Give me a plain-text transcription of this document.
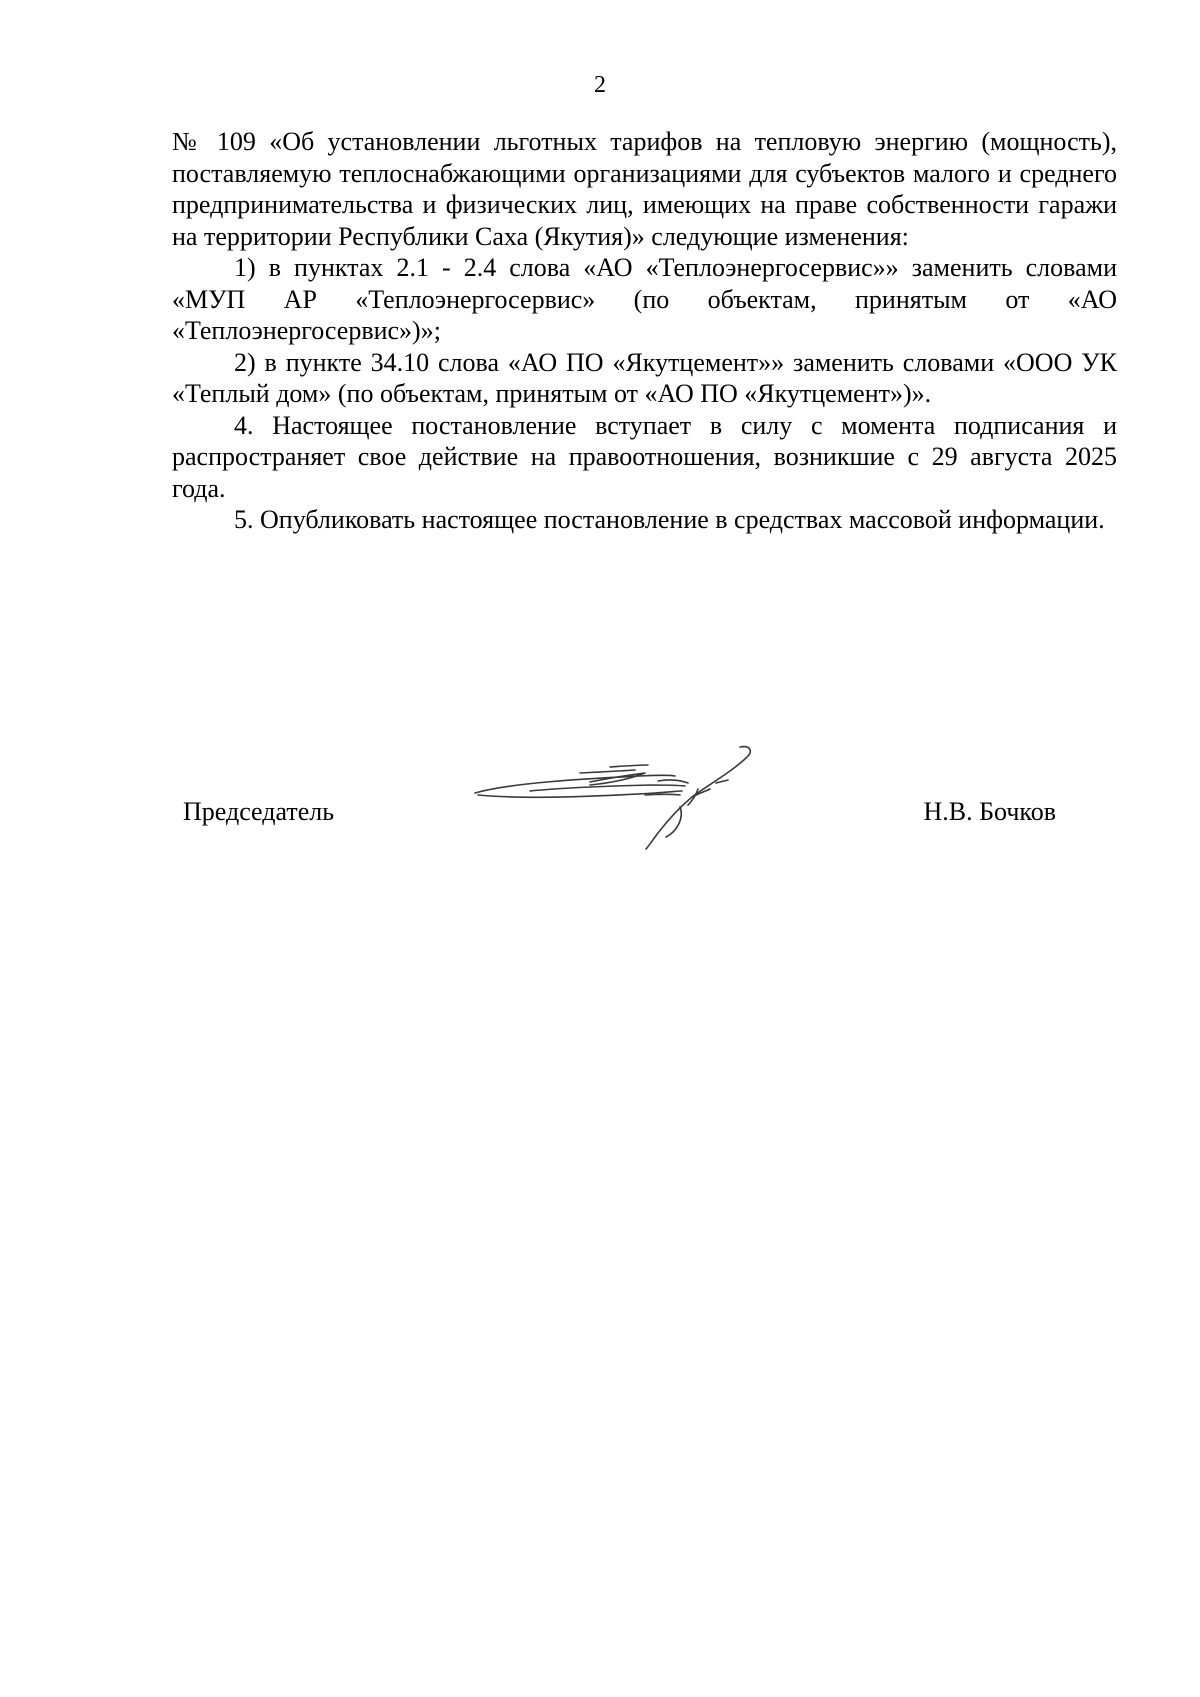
2

№ 109 «Об установлении льготных тарифов на тепловую энергию (мощность), поставляемую теплоснабжающими организациями для субъектов малого и среднего предпринимательства и физических лиц, имеющих на праве собственности гаражи на территории Республики Саха (Якутия)» следующие изменения:

1) в пунктах 2.1 - 2.4 слова «АО «Теплоэнергосервис»» заменить словами «МУП АР «Теплоэнергосервис» (по объектам, принятым от «АО «Теплоэнергосервис»)»;

2) в пункте 34.10 слова «АО ПО «Якутцемент»» заменить словами «ООО УК «Теплый дом» (по объектам, принятым от «АО ПО «Якутцемент»)».

4. Настоящее постановление вступает в силу с момента подписания и распространяет свое действие на правоотношения, возникшие с 29 августа 2025 года.

5. Опубликовать настоящее постановление в средствах массовой информации.

Председатель	Н.В. Бочков
